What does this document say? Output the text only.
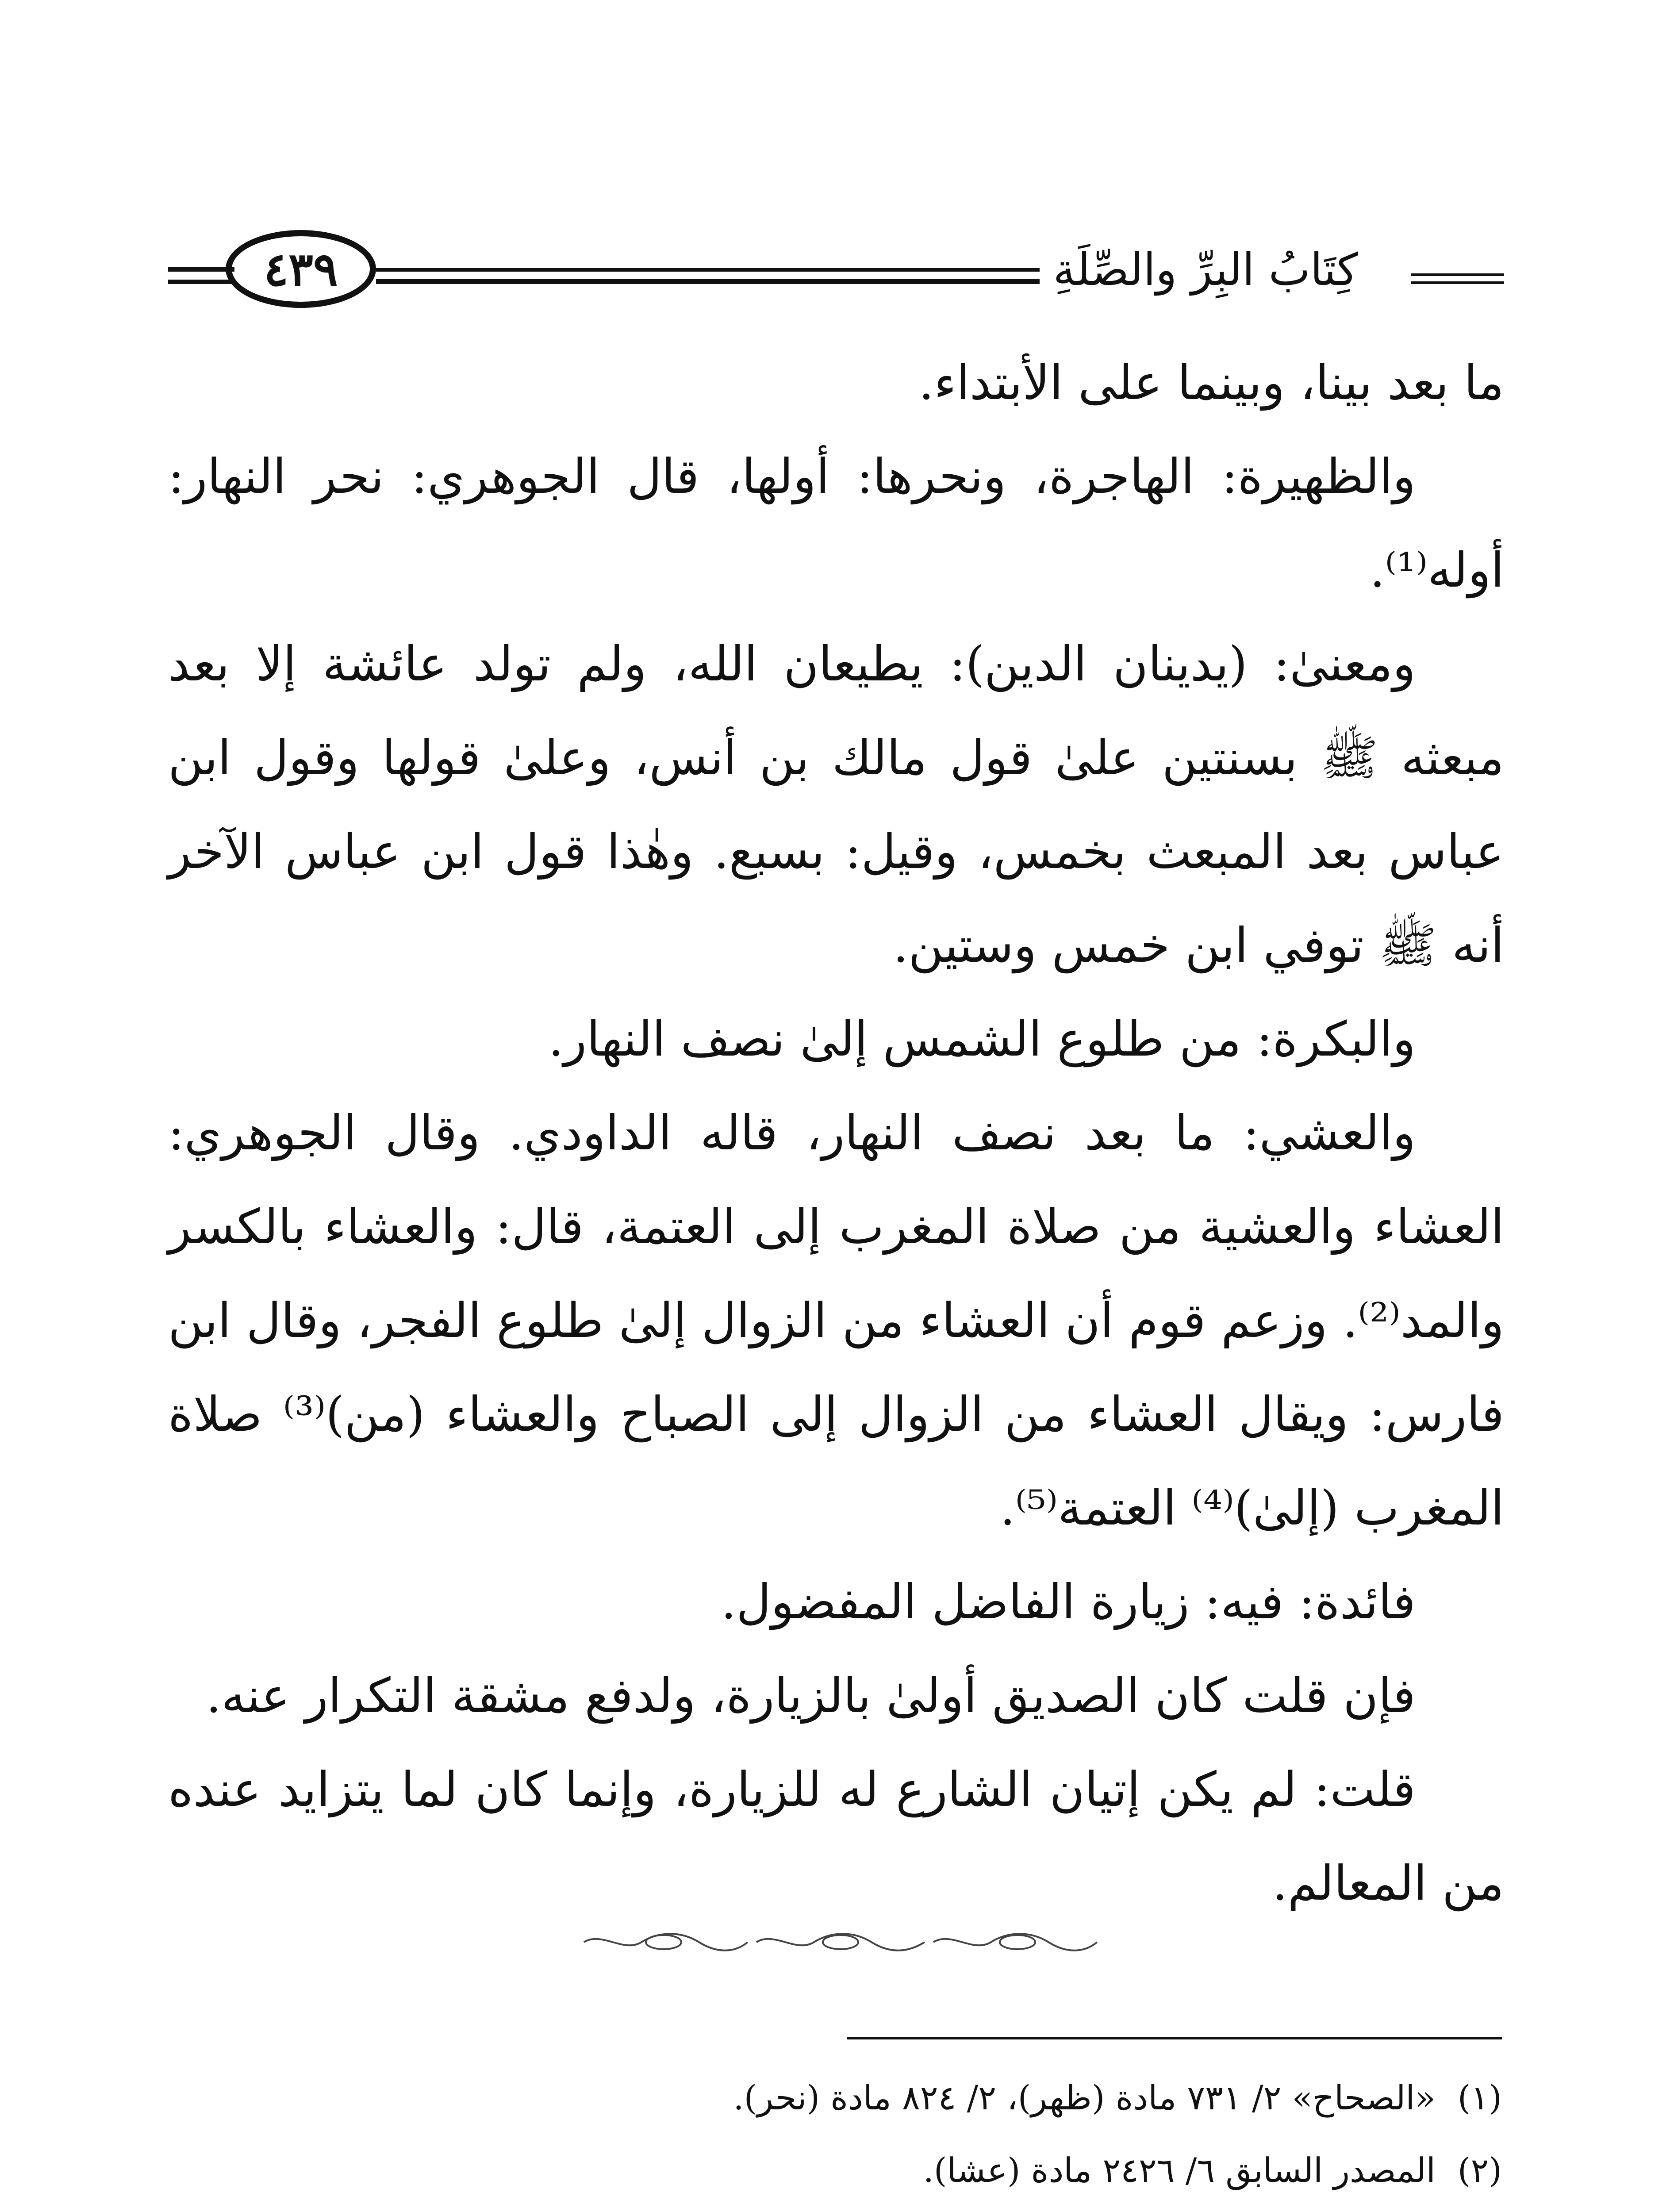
كِتَابُ البِرِّ والصِّلَةِ
٤٣٩

ما بعد بينا، وبينما على الأبتداء.

والظهيرة: الهاجرة، ونحرها: أولها، قال الجوهري: نحر النهار: أوله⁽¹⁾.

ومعنىٰ: (يدينان الدين): يطيعان الله، ولم تولد عائشة إلا بعد مبعثه ﷺ بسنتين علىٰ قول مالك بن أنس، وعلىٰ قولها وقول ابن عباس بعد المبعث بخمس، وقيل: بسبع. وهٰذا قول ابن عباس الآخر أنه ﷺ توفي ابن خمس وستين.

والبكرة: من طلوع الشمس إلىٰ نصف النهار.

والعشي: ما بعد نصف النهار، قاله الداودي. وقال الجوهري: العشاء والعشية من صلاة المغرب إلى العتمة، قال: والعشاء بالكسر والمد⁽²⁾. وزعم قوم أن العشاء من الزوال إلىٰ طلوع الفجر، وقال ابن فارس: ويقال العشاء من الزوال إلى الصباح والعشاء (من)⁽³⁾ صلاة المغرب (إلىٰ)⁽⁴⁾ العتمة⁽⁵⁾.

فائدة: فيه: زيارة الفاضل المفضول.

فإن قلت كان الصديق أولىٰ بالزيارة، ولدفع مشقة التكرار عنه.

قلت: لم يكن إتيان الشارع له للزيارة، وإنما كان لما يتزايد عنده من المعالم.

(١)
«الصحاح» ٢/ ٧٣١ مادة (ظهر)، ٢/ ٨٢٤ مادة (نحر).
(٢)
المصدر السابق ٦/ ٢٤٢٦ مادة (عشا).
